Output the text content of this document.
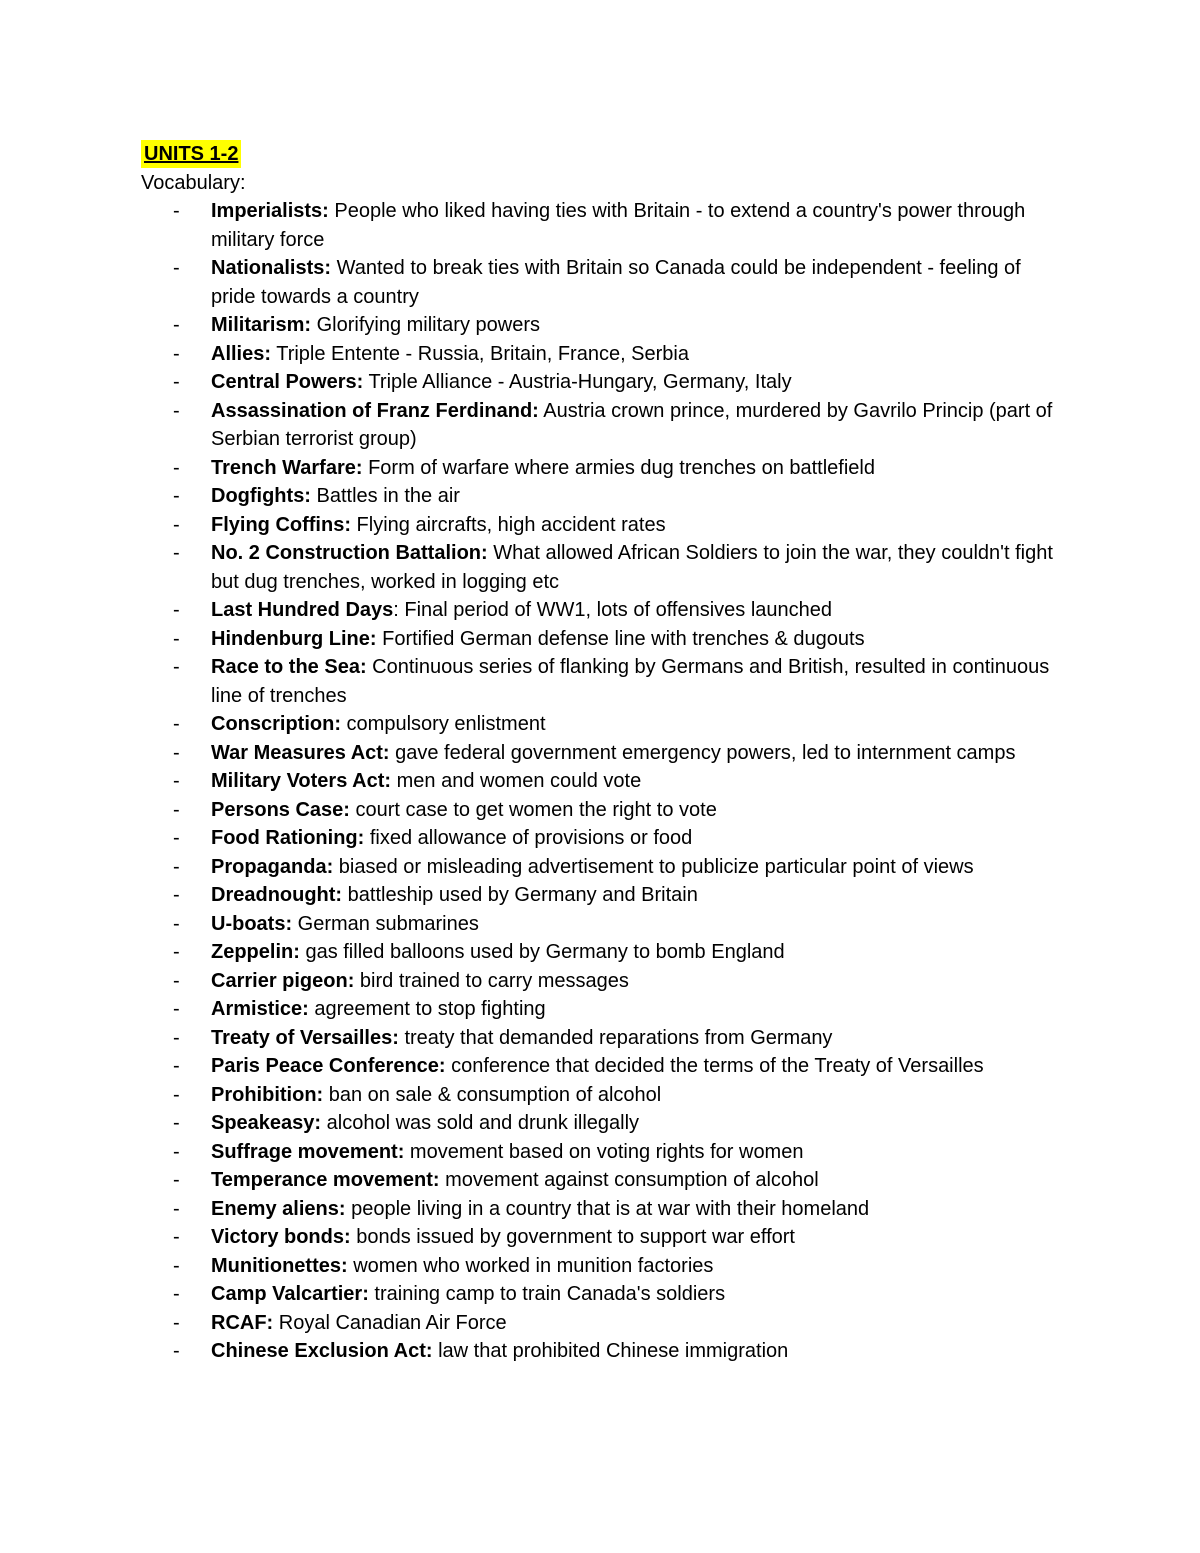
UNITS 1-2
Vocabulary:
- Imperialists: People who liked having ties with Britain - to extend a country's power through military force
- Nationalists: Wanted to break ties with Britain so Canada could be independent - feeling of pride towards a country
- Militarism: Glorifying military powers
- Allies: Triple Entente - Russia, Britain, France, Serbia
- Central Powers: Triple Alliance - Austria-Hungary, Germany, Italy
- Assassination of Franz Ferdinand: Austria crown prince, murdered by Gavrilo Princip (part of Serbian terrorist group)
- Trench Warfare: Form of warfare where armies dug trenches on battlefield
- Dogfights: Battles in the air
- Flying Coffins: Flying aircrafts, high accident rates
- No. 2 Construction Battalion: What allowed African Soldiers to join the war, they couldn't fight but dug trenches, worked in logging etc
- Last Hundred Days: Final period of WW1, lots of offensives launched
- Hindenburg Line: Fortified German defense line with trenches & dugouts
- Race to the Sea: Continuous series of flanking by Germans and British, resulted in continuous line of trenches
- Conscription: compulsory enlistment
- War Measures Act: gave federal government emergency powers, led to internment camps
- Military Voters Act: men and women could vote
- Persons Case: court case to get women the right to vote
- Food Rationing: fixed allowance of provisions or food
- Propaganda: biased or misleading advertisement to publicize particular point of views
- Dreadnought: battleship used by Germany and Britain
- U-boats: German submarines
- Zeppelin: gas filled balloons used by Germany to bomb England
- Carrier pigeon: bird trained to carry messages
- Armistice: agreement to stop fighting
- Treaty of Versailles: treaty that demanded reparations from Germany
- Paris Peace Conference: conference that decided the terms of the Treaty of Versailles
- Prohibition: ban on sale & consumption of alcohol
- Speakeasy: alcohol was sold and drunk illegally
- Suffrage movement: movement based on voting rights for women
- Temperance movement: movement against consumption of alcohol
- Enemy aliens: people living in a country that is at war with their homeland
- Victory bonds: bonds issued by government to support war effort
- Munitionettes: women who worked in munition factories
- Camp Valcartier: training camp to train Canada's soldiers
- RCAF: Royal Canadian Air Force
- Chinese Exclusion Act: law that prohibited Chinese immigration
